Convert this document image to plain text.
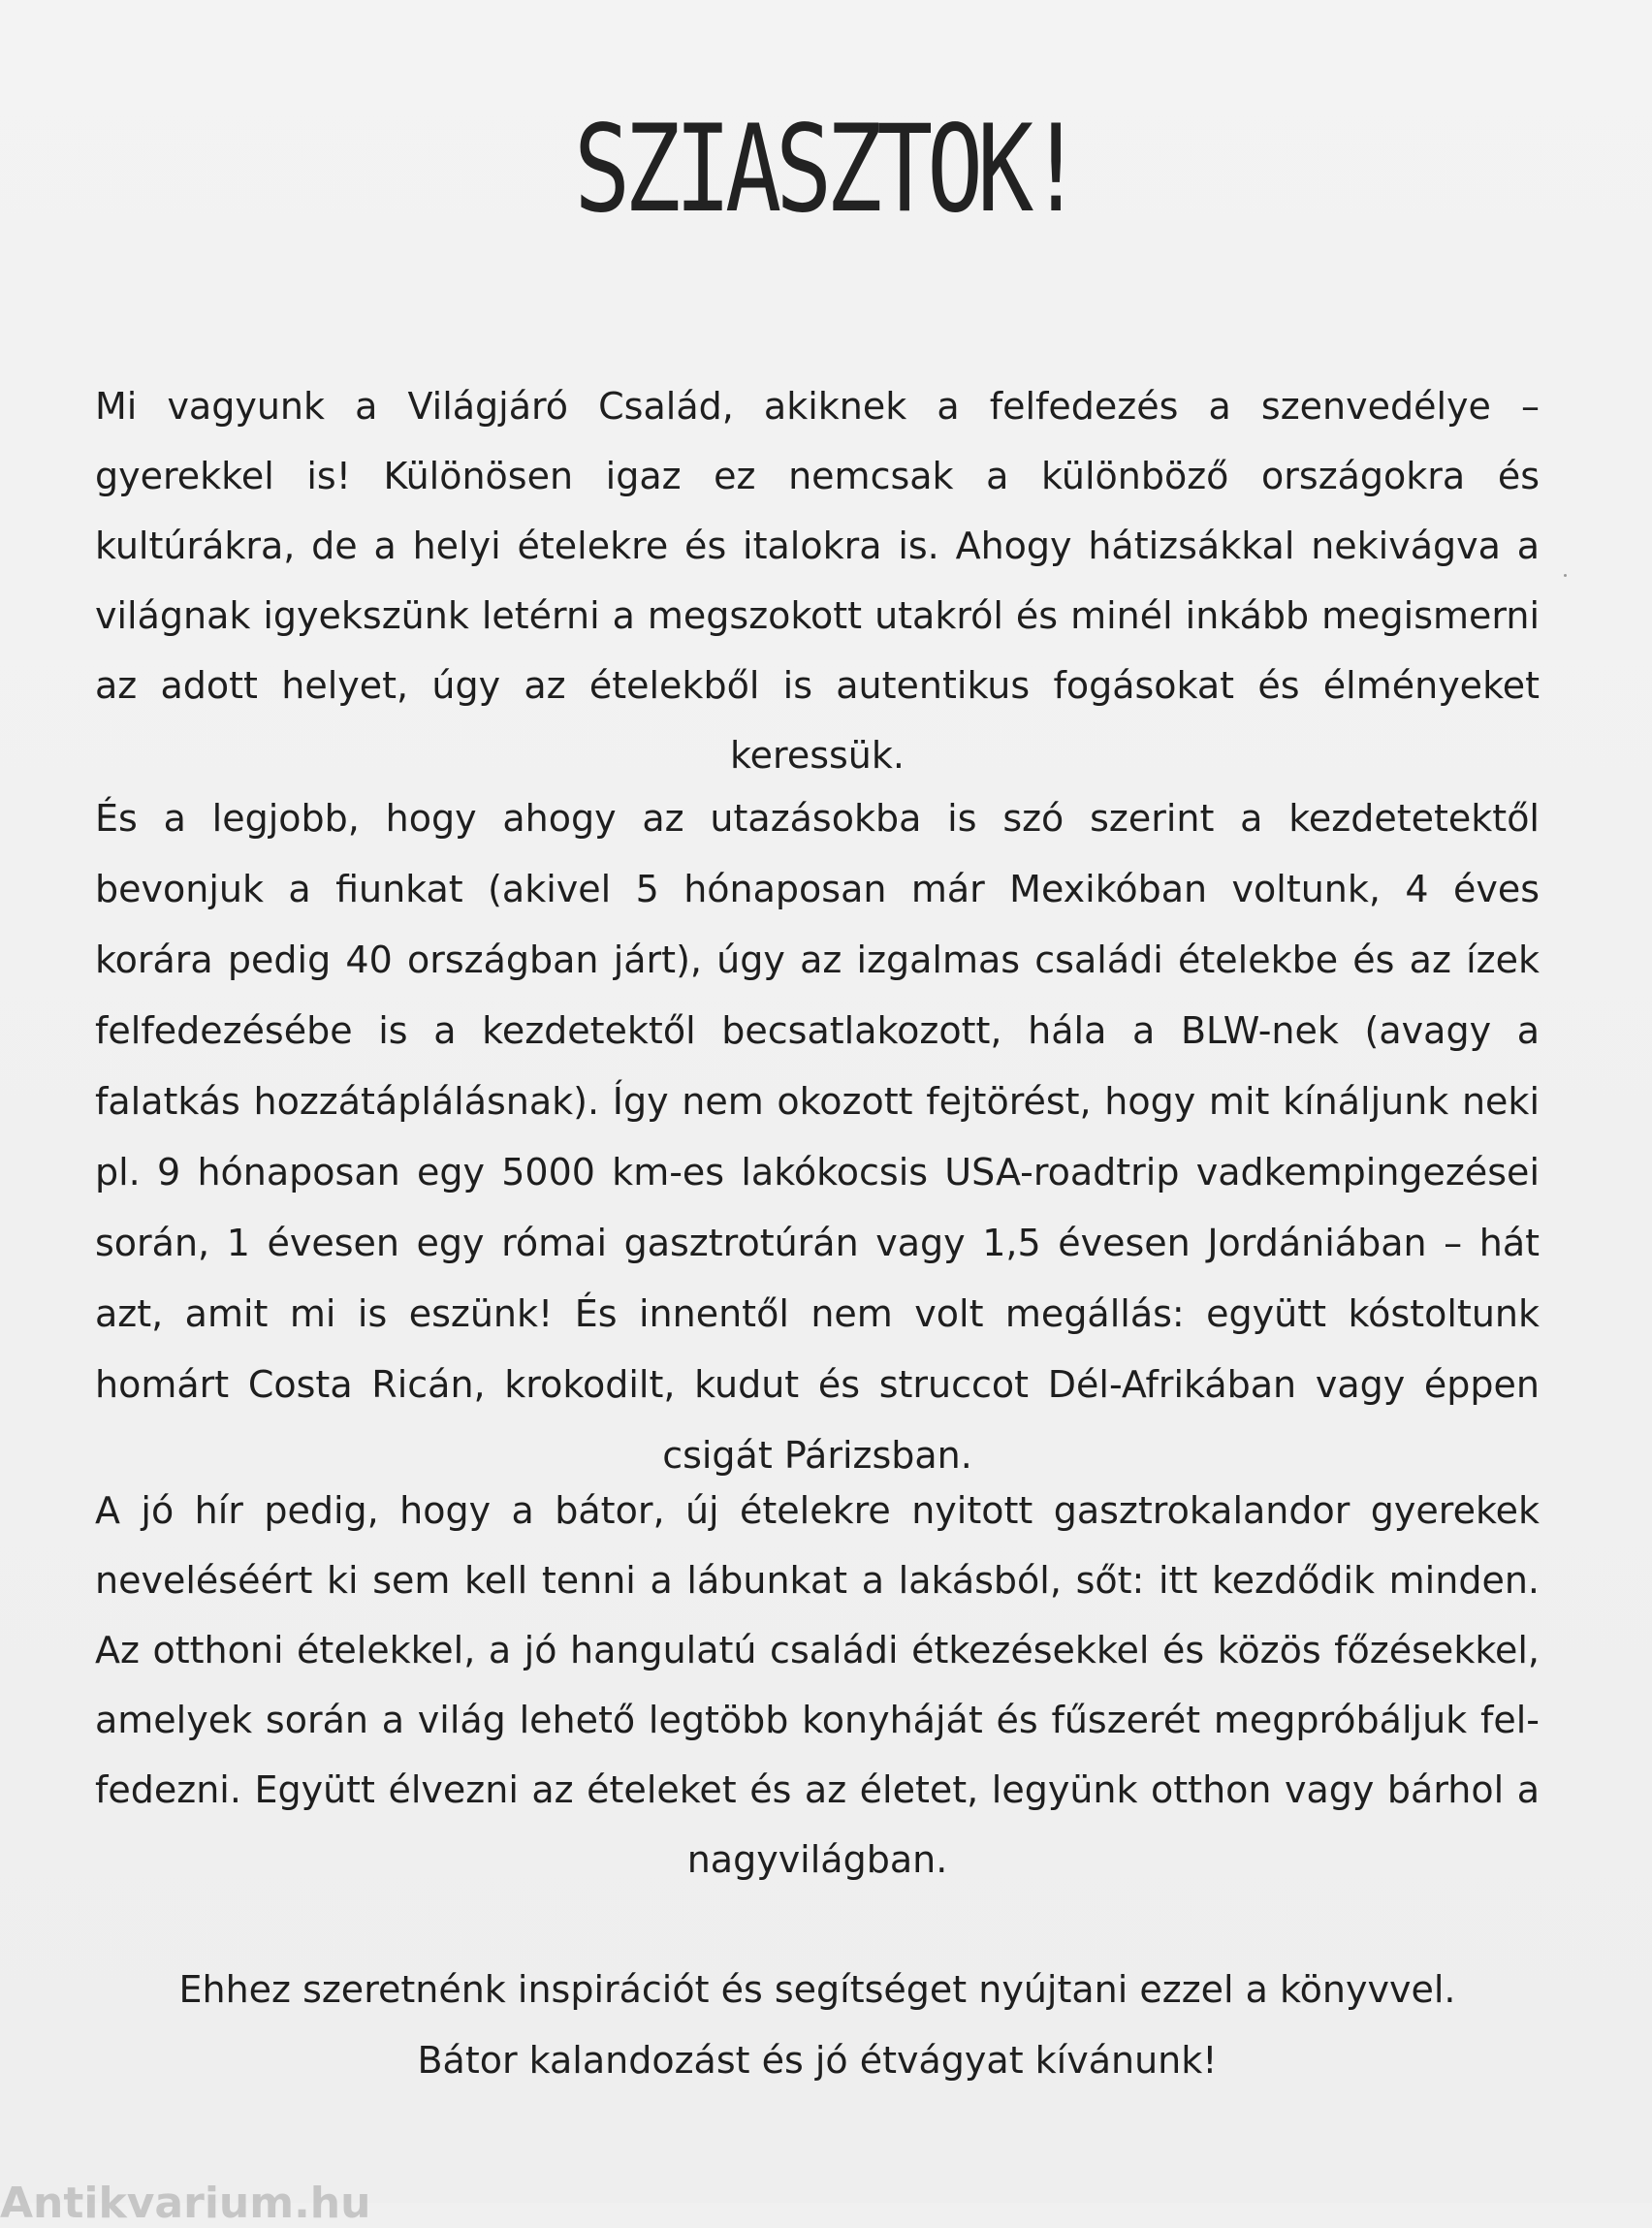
SZIASZTOK!

Mi vagyunk a Világjáró Család, akiknek a felfedezés a szenvedélye – gyerekkel is! Különösen igaz ez nemcsak a különböző országokra és kultúrákra, de a helyi ételekre és italokra is. Ahogy hátizsákkal nekivágva a világnak igyekszünk letérni a megszokott utakról és minél inkább megismerni az adott helyet, úgy az ételekből is autentikus fogásokat és élményeket keressük.

És a legjobb, hogy ahogy az utazásokba is szó szerint a kezdetetektől bevonjuk a fiunkat (akivel 5 hónaposan már Mexikóban voltunk, 4 éves korára pedig 40 országban járt), úgy az izgalmas családi ételekbe és az ízek felfedezésébe is a kezdetektől becsatlakozott, hála a BLW-nek (avagy a falatkás hozzátáplálásnak). Így nem okozott fejtörést, hogy mit kínáljunk neki pl. 9 hónaposan egy 5000 km-es lakókocsis USA-roadtrip vadkempingezései során, 1 évesen egy római gasztrotúrán vagy 1,5 évesen Jordániában – hát azt, amit mi is eszünk! És innentől nem volt megállás: együtt kóstoltunk homárt Costa Ricán, krokodilt, kudut és struccot Dél-Afrikában vagy éppen csigát Párizsban.

A jó hír pedig, hogy a bátor, új ételekre nyitott gasztrokalandor gyerekek neveléséért ki sem kell tenni a lábunkat a lakásból, sőt: itt kezdődik minden. Az otthoni ételekkel, a jó hangulatú családi étkezésekkel és közös főzésekkel, amelyek során a világ lehető legtöbb konyháját és fűszerét megpróbáljuk felfedezni. Együtt élvezni az ételeket és az életet, legyünk otthon vagy bárhol a nagyvilágban.

Ehhez szeretnénk inspirációt és segítséget nyújtani ezzel a könyvvel.
Bátor kalandozást és jó étvágyat kívánunk!

Antikvarium.hu
